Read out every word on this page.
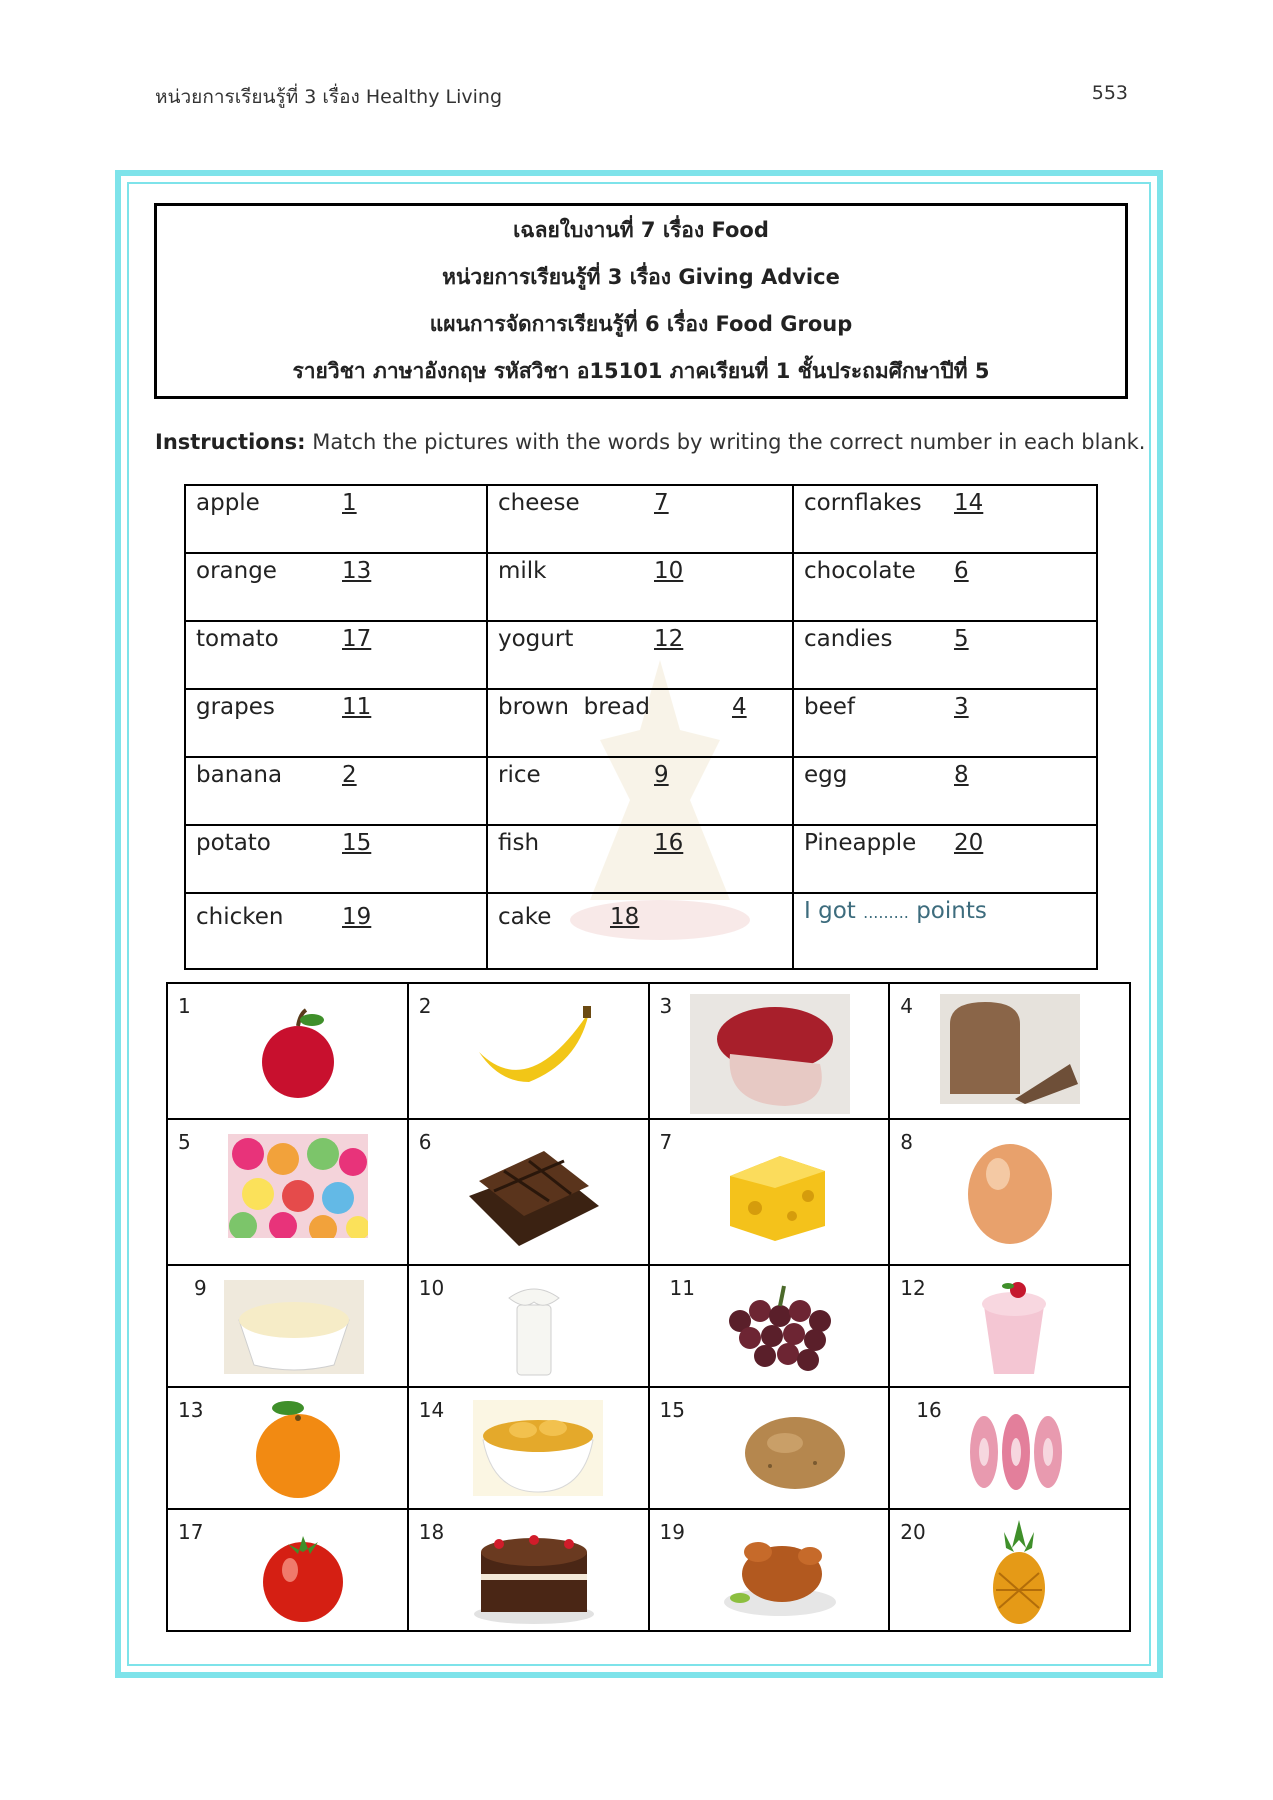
หน่วยการเรียนรู้ที่ 3 เรื่อง Healthy Living	553
เฉลยใบงานที่ 7 เรื่อง Food
หน่วยการเรียนรู้ที่ 3 เรื่อง Giving Advice
แผนการจัดการเรียนรู้ที่ 6 เรื่อง Food Group
รายวิชา ภาษาอังกฤษ รหัสวิชา อ15101 ภาคเรียนที่ 1 ชั้นประถมศึกษาปีที่ 5
Instructions: Match the pictures with the words by writing the correct number in each blank.
apple 1	cheese 7	cornflakes 14

orange 13	milk 10	chocolate 6

tomato 17	yogurt 12	candies 5

grapes 11	brown  bread 4	beef 3

banana 2	rice 9	egg 8

potato 15	fish 16	Pineapple 20

chicken 19	cake 18	I got ......... points
1	2	3	4

5	6	7	8

9	10	11	12

13	14	15	16

17	18	19	20
